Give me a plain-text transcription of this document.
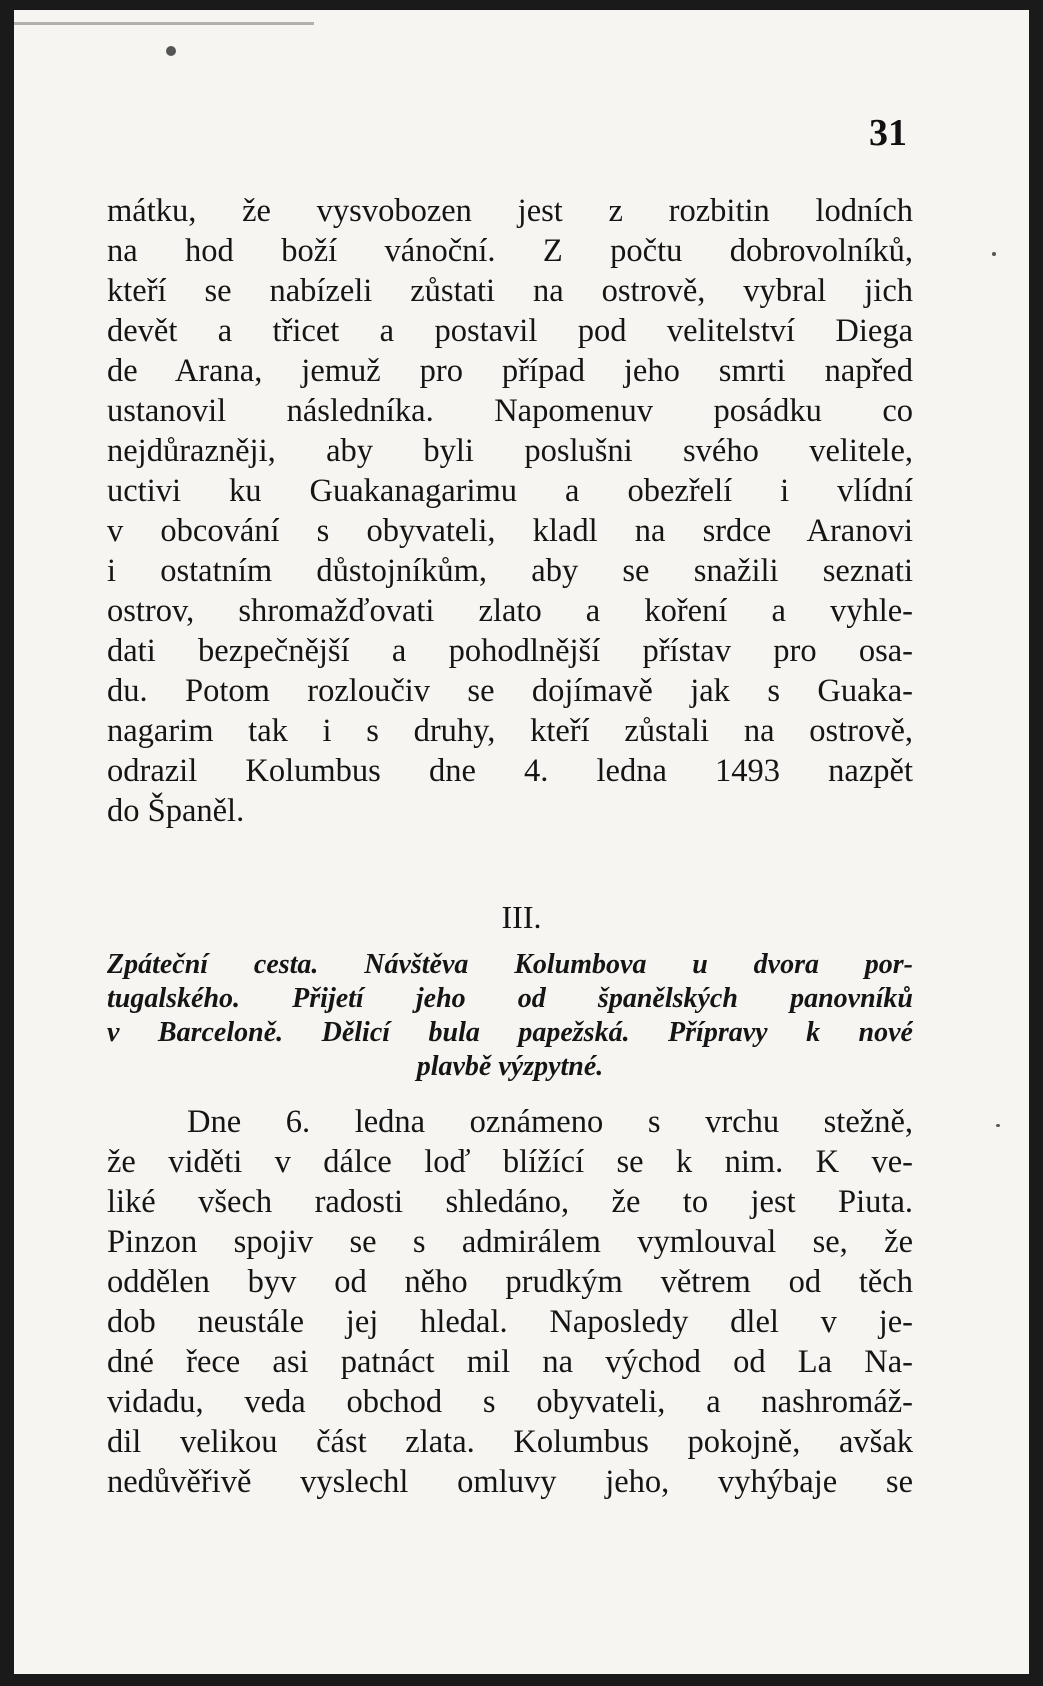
31
mátku, že vysvobozen jest z rozbitin lodních
na hod boží vánoční. Z počtu dobrovolníků,
kteří se nabízeli zůstati na ostrově, vybral jich
devět a třicet a postavil pod velitelství Diega
de Arana, jemuž pro případ jeho smrti napřed
ustanovil následníka. Napomenuv posádku co
nejdůrazněji, aby byli poslušni svého velitele,
uctivi ku Guakanagarimu a obezřelí i vlídní
v obcování s obyvateli, kladl na srdce Aranovi
i ostatním důstojníkům, aby se snažili seznati
ostrov, shromažďovati zlato a koření a vyhle-
dati bezpečnější a pohodlnější přístav pro osa-
du. Potom rozloučiv se dojímavě jak s Guaka-
nagarim tak i s druhy, kteří zůstali na ostrově,
odrazil Kolumbus dne 4. ledna 1493 nazpět
do Španěl.
III.
Zpáteční cesta. Návštěva Kolumbova u dvora por-
tugalského. Přijetí jeho od španělských panovníků
v Barceloně. Dělicí bula papežská. Přípravy k nové
plavbě výzpytné.
Dne 6. ledna oznámeno s vrchu stežně,
že viděti v dálce loď blížící se k nim. K ve-
liké všech radosti shledáno, že to jest Piuta.
Pinzon spojiv se s admirálem vymlouval se, že
oddělen byv od něho prudkým větrem od těch
dob neustále jej hledal. Naposledy dlel v je-
dné řece asi patnáct mil na východ od La Na-
vidadu, veda obchod s obyvateli, a nashromáž-
dil velikou část zlata. Kolumbus pokojně, avšak
nedůvěřivě vyslechl omluvy jeho, vyhýbaje se
